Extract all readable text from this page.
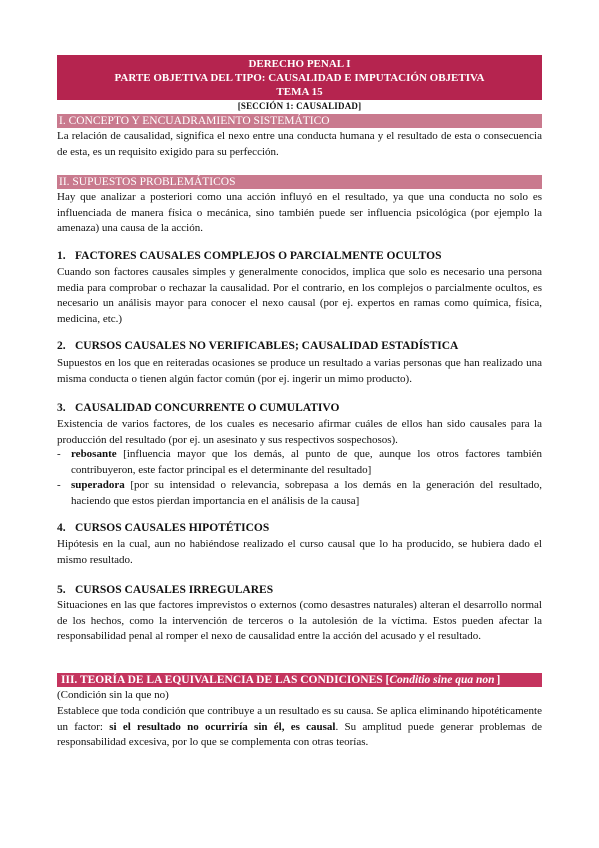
DERECHO PENAL I
PARTE OBJETIVA DEL TIPO: CAUSALIDAD E IMPUTACIÓN OBJETIVA
TEMA 15
[SECCIÓN 1: CAUSALIDAD]
I. CONCEPTO Y ENCUADRAMIENTO SISTEMÁTICO
La relación de causalidad, significa el nexo entre una conducta humana y el resultado de esta o consecuencia de esta, es un requisito exigido para su perfección.
II. SUPUESTOS PROBLEMÁTICOS
Hay que analizar a posteriori como una acción influyó en el resultado, ya que una conducta no solo es influenciada de manera física o mecánica, sino también puede ser influencia psicológica (por ejemplo la amenaza) una causa de la acción.
1. FACTORES CAUSALES COMPLEJOS O PARCIALMENTE OCULTOS
Cuando son factores causales simples y generalmente conocidos, implica que solo es necesario una persona media para comprobar o rechazar la causalidad. Por el contrario, en los complejos o parcialmente ocultos, es necesario un análisis mayor para conocer el nexo causal (por ej. expertos en ramas como química, física, medicina, etc.)
2. CURSOS CAUSALES NO VERIFICABLES; CAUSALIDAD ESTADÍSTICA
Supuestos en los que en reiteradas ocasiones se produce un resultado a varias personas que han realizado una misma conducta o tienen algún factor común (por ej. ingerir un mimo producto).
3. CAUSALIDAD CONCURRENTE O CUMULATIVO
Existencia de varios factores, de los cuales es necesario afirmar cuáles de ellos han sido causales para la producción del resultado (por ej. un asesinato y sus respectivos sospechosos).
- rebosante [influencia mayor que los demás, al punto de que, aunque los otros factores también contribuyeron, este factor principal es el determinante del resultado]
- superadora [por su intensidad o relevancia, sobrepasa a los demás en la generación del resultado, haciendo que estos pierdan importancia en el análisis de la causa]
4. CURSOS CAUSALES HIPOTÉTICOS
Hipótesis en la cual, aun no habiéndose realizado el curso causal que lo ha producido, se hubiera dado el mismo resultado.
5. CURSOS CAUSALES IRREGULARES
Situaciones en las que factores imprevistos o externos (como desastres naturales) alteran el desarrollo normal de los hechos, como la intervención de terceros o la autolesión de la víctima. Estos pueden afectar la responsabilidad penal al romper el nexo de causalidad entre la acción del acusado y el resultado.
III. TEORÍA DE LA EQUIVALENCIA DE LAS CONDICIONES [Conditio sine qua non ]
(Condición sin la que no)
Establece que toda condición que contribuye a un resultado es su causa. Se aplica eliminando hipotéticamente un factor: si el resultado no ocurriría sin él, es causal. Su amplitud puede generar problemas de responsabilidad excesiva, por lo que se complementa con otras teorías.
